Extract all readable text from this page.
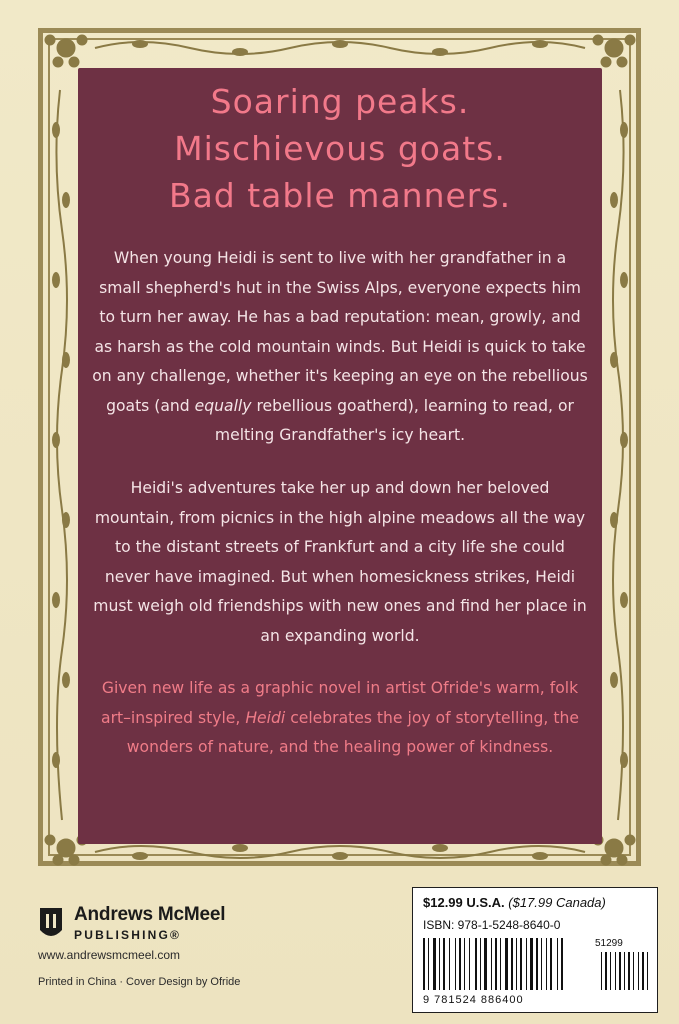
Soaring peaks.
Mischievous goats.
Bad table manners.
When young Heidi is sent to live with her grandfather in a small shepherd's hut in the Swiss Alps, everyone expects him to turn her away. He has a bad reputation: mean, growly, and as harsh as the cold mountain winds. But Heidi is quick to take on any challenge, whether it's keeping an eye on the rebellious goats (and equally rebellious goatherd), learning to read, or melting Grandfather's icy heart.
Heidi's adventures take her up and down her beloved mountain, from picnics in the high alpine meadows all the way to the distant streets of Frankfurt and a city life she could never have imagined. But when homesickness strikes, Heidi must weigh old friendships with new ones and find her place in an expanding world.
Given new life as a graphic novel in artist Ofride's warm, folk art–inspired style, Heidi celebrates the joy of storytelling, the wonders of nature, and the healing power of kindness.
Andrews McMeel
PUBLISHING®
www.andrewsmcmeel.com
Printed in China · Cover Design by Ofride
$12.99 U.S.A. ($17.99 Canada)
ISBN: 978-1-5248-8640-0
51299
9 781524 886400
